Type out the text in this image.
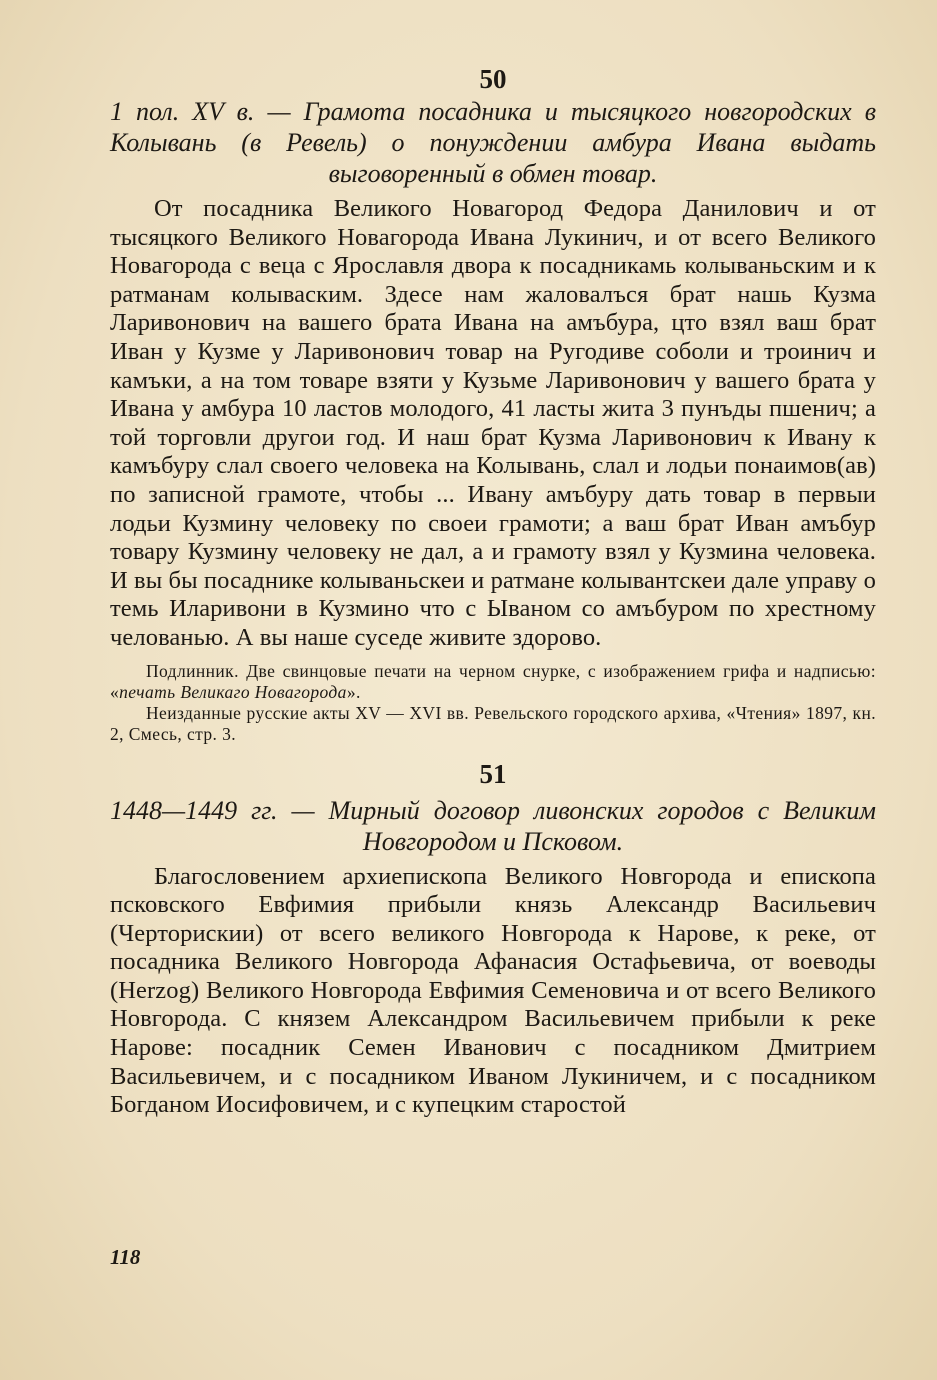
50

1 пол. XV в. — Грамота посадника и тысяцкого новгородских в Колывань (в Ревель) о понуждении амбура Ивана выдать выговоренный в обмен товар.

От посадника Великого Новагород Федора Данилович и от тысяцкого Великого Новагорода Ивана Лукинич, и от всего Великого Новагорода с веца с Ярославля двора к посадникамь колываньским и к ратманам колываским. Здесе нам жаловалъся брат нашь Кузма Ларивонович на вашего брата Ивана на амъбура, цто взял ваш брат Иван у Кузме у Ларивонович товар на Ругодиве соболи и троинич и камъки, а на том товаре взяти у Кузьме Ларивонович у вашего брата у Ивана у амбура 10 ластов молодого, 41 ласты жита 3 пунъды пшенич; а той торговли другои год. И наш брат Кузма Ларивонович к Ивану к камъбуру слал своего человека на Колывань, слал и лодьи понаимов(ав) по записной грамоте, чтобы ... Ивану амъбуру дать товар в первыи лодьи Кузмину человеку по своеи грамоти; а ваш брат Иван амъбур товару Кузмину человеку не дал, а и грамоту взял у Кузмина человека. И вы бы посаднике колываньскеи и ратмане колывантскеи дале управу о темь Иларивони в Кузмино что с Ываном со амъбуром по хрестному челованью. А вы наше суседе живите здорово.

Подлинник. Две свинцовые печати на черном снурке, с изображением грифа и надписью: «печать Великаго Новагорода».

Неизданные русские акты XV — XVI вв. Ревельского городского архива, «Чтения» 1897, кн. 2, Смесь, стр. 3.

51

1448—1449 гг. — Мирный договор ливонских городов с Великим Новгородом и Псковом.

Благословением архиепископа Великого Новгорода и епископа псковского Евфимия прибыли князь Александр Васильевич (Черторискии) от всего великого Новгорода к Нарове, к реке, от посадника Великого Новгорода Афанасия Остафьевича, от воеводы (Herzog) Великого Новгорода Евфимия Семеновича и от всего Великого Новгорода. С князем Александром Васильевичем прибыли к реке Нарове: посадник Семен Иванович с посадником Дмитрием Васильевичем, и с посадником Иваном Лукиничем, и с посадником Богданом Иосифовичем, и с купецким старостой

118
